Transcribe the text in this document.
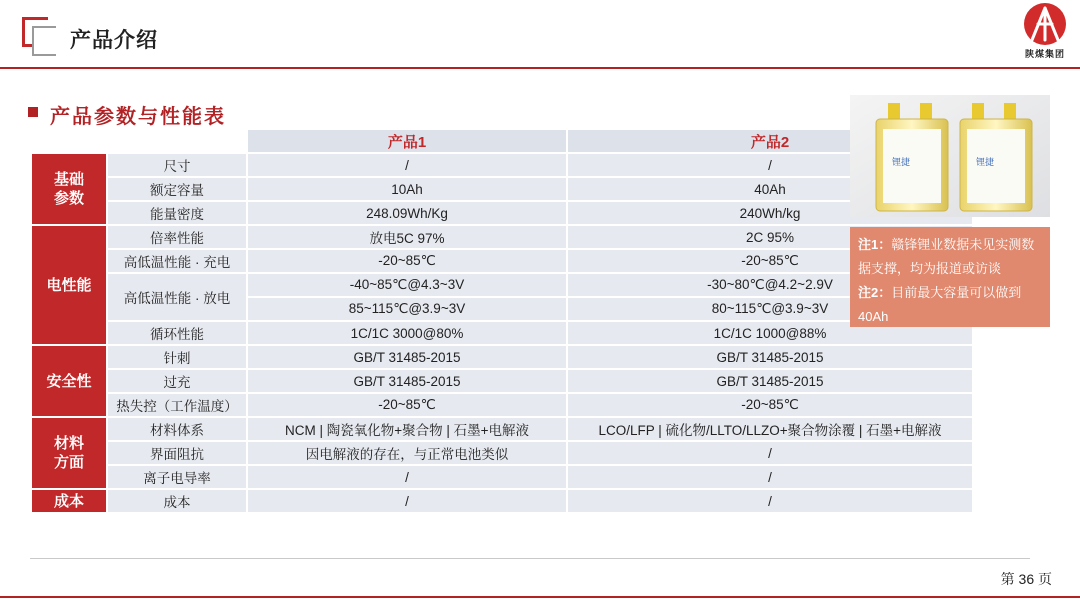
产品介绍
陕煤集团
产品参数与性能表
		产品1	产品2
基础
参数	尺寸	/	/
	额定容量	10Ah	40Ah
	能量密度	248.09Wh/Kg	240Wh/kg
电性能	倍率性能	放电5C 97%	2C 95%
	高低温性能 · 充电	-20~85℃	-20~85℃
	高低温性能 · 放电	-40~85℃@4.3~3V	-30~80℃@4.2~2.9V
		85~115℃@3.9~3V	80~115℃@3.9~3V
	循环性能	1C/1C 3000@80%	1C/1C 1000@88%
安全性	针刺	GB/T 31485-2015	GB/T 31485-2015
	过充	GB/T 31485-2015	GB/T 31485-2015
	热失控（工作温度）	-20~85℃	-20~85℃
材料
方面	材料体系	NCM | 陶瓷氧化物+聚合物 | 石墨+电解液	LCO/LFP | 硫化物/LLTO/LLZO+聚合物涂覆 | 石墨+电解液
	界面阻抗	因电解液的存在，与正常电池类似	/
	离子电导率	/	/
成本	成本	/	/
锂捷	锂捷
注1：赣锋锂业数据未见实测数据支撑，均为报道或访谈
注2：目前最大容量可以做到40Ah
第 36 页
